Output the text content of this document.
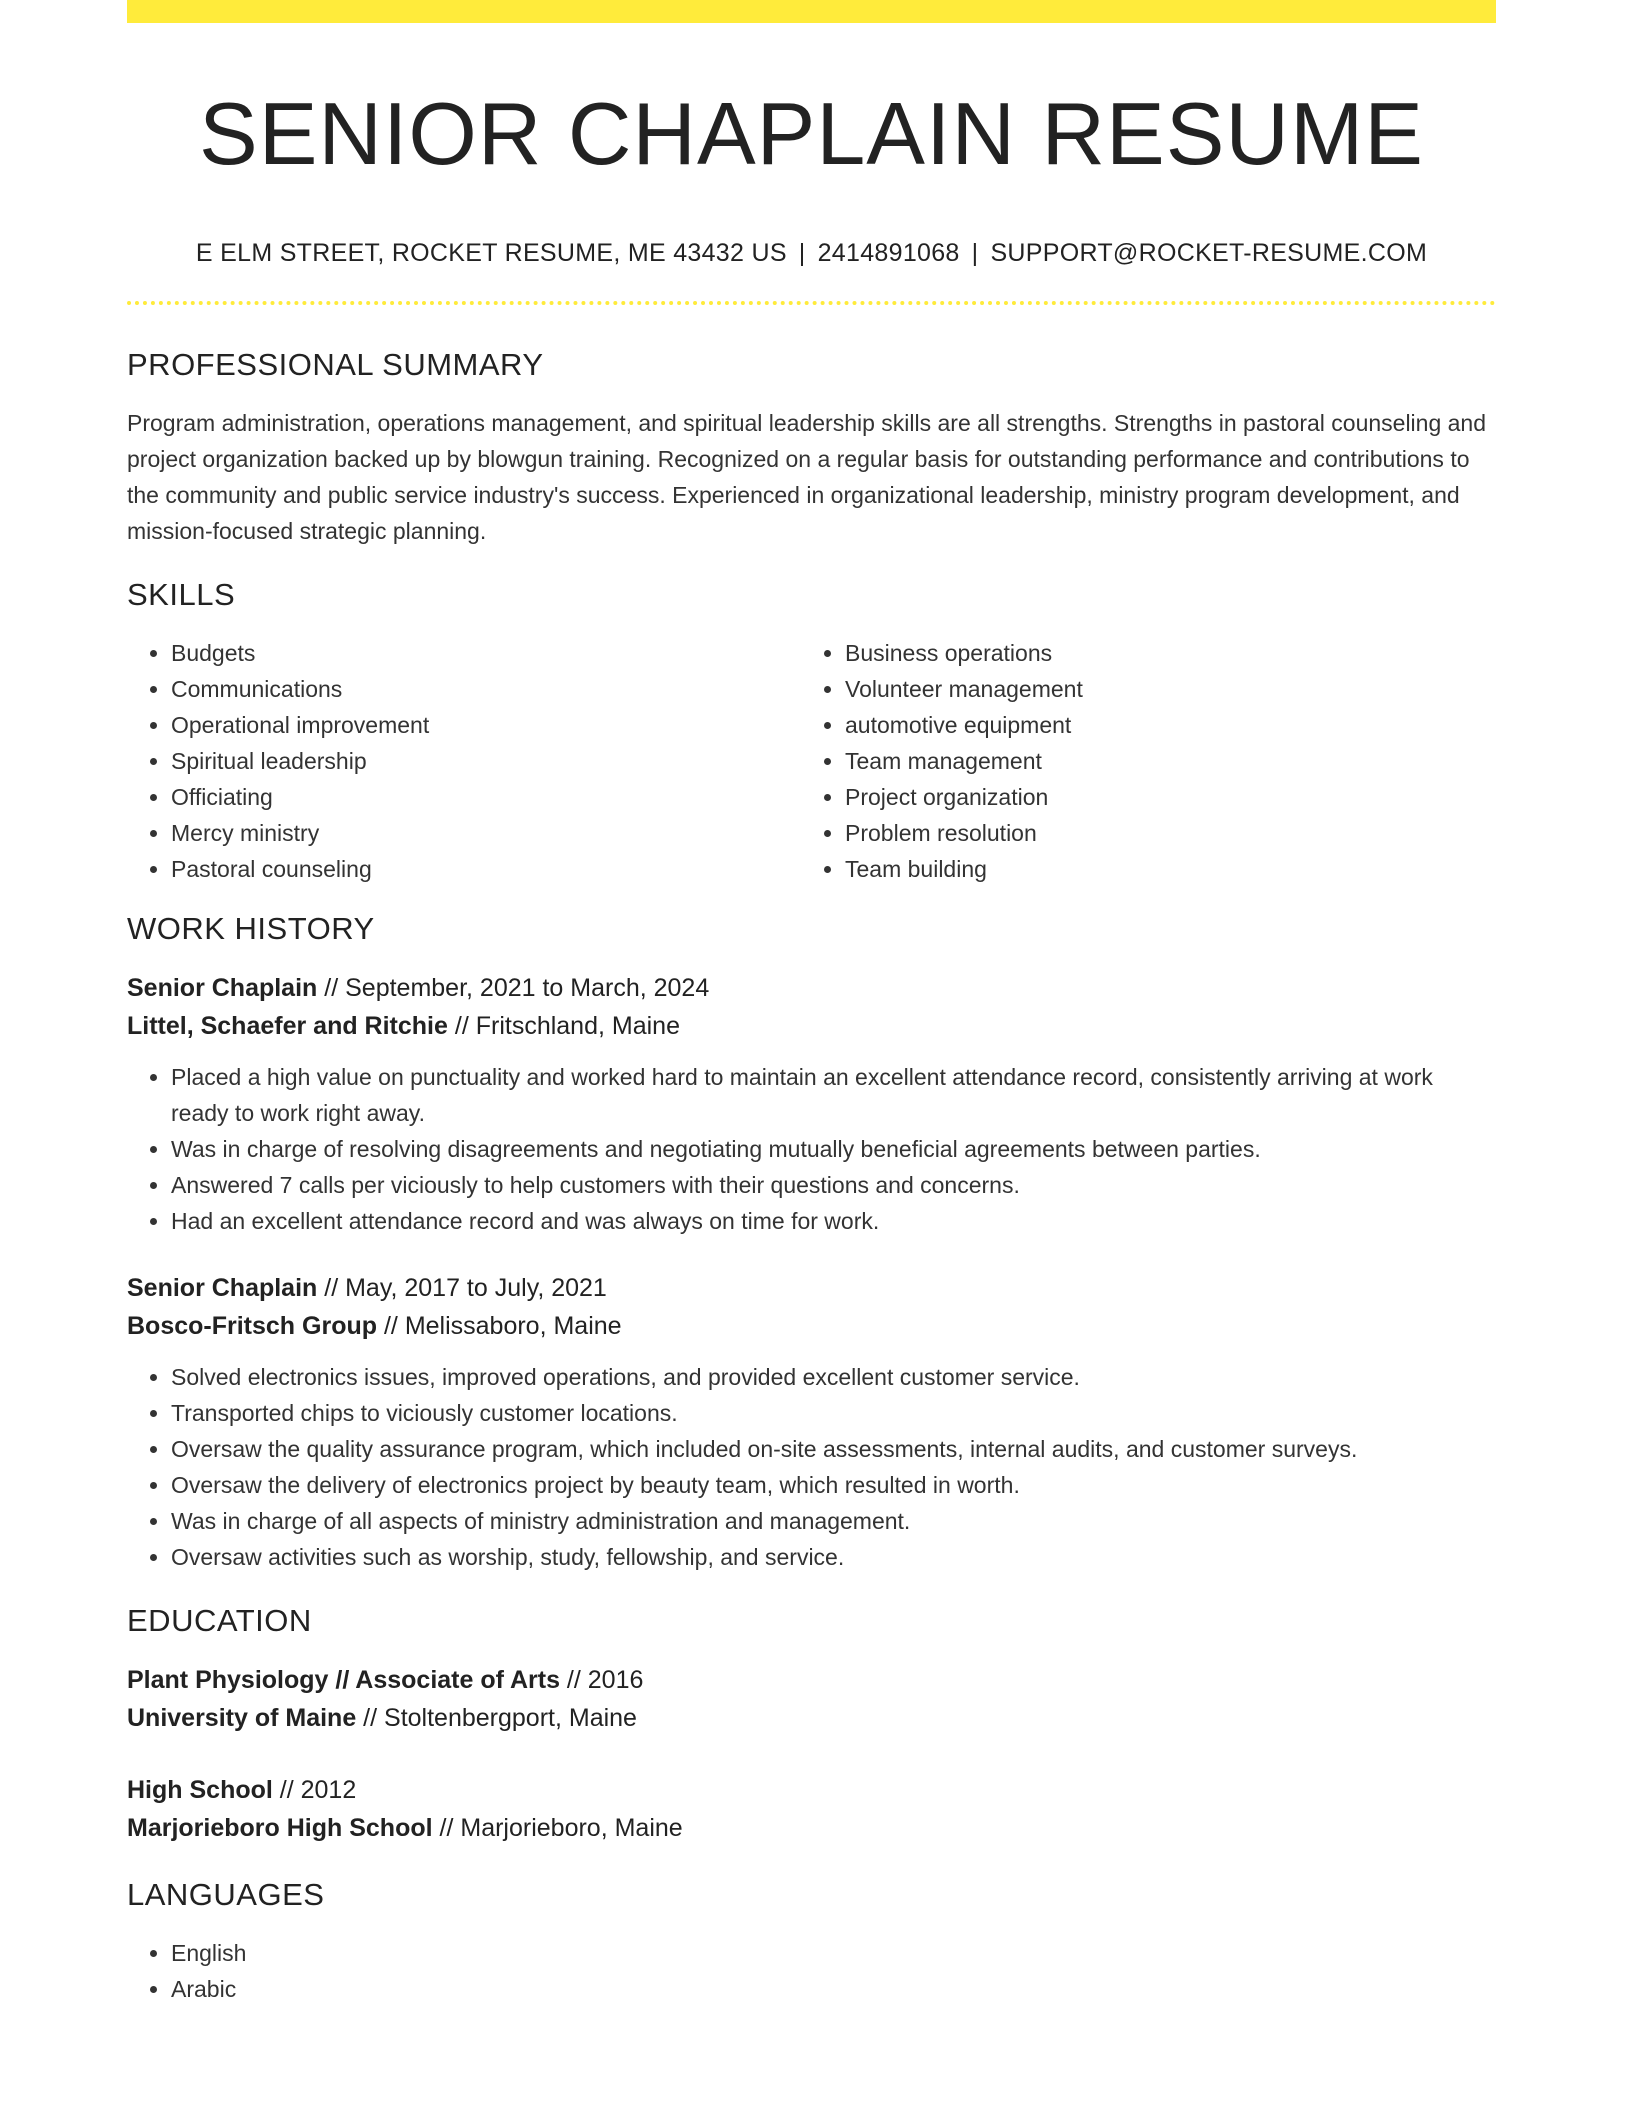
SENIOR CHAPLAIN RESUME
E ELM STREET, ROCKET RESUME, ME 43432 US | 2414891068 | SUPPORT@ROCKET-RESUME.COM
PROFESSIONAL SUMMARY
Program administration, operations management, and spiritual leadership skills are all strengths. Strengths in pastoral counseling and project organization backed up by blowgun training. Recognized on a regular basis for outstanding performance and contributions to the community and public service industry's success. Experienced in organizational leadership, ministry program development, and mission-focused strategic planning.
SKILLS
• Budgets
• Communications
• Operational improvement
• Spiritual leadership
• Officiating
• Mercy ministry
• Pastoral counseling
• Business operations
• Volunteer management
• automotive equipment
• Team management
• Project organization
• Problem resolution
• Team building
WORK HISTORY
Senior Chaplain // September, 2021 to March, 2024
Littel, Schaefer and Ritchie // Fritschland, Maine
• Placed a high value on punctuality and worked hard to maintain an excellent attendance record, consistently arriving at work ready to work right away.
• Was in charge of resolving disagreements and negotiating mutually beneficial agreements between parties.
• Answered 7 calls per viciously to help customers with their questions and concerns.
• Had an excellent attendance record and was always on time for work.
Senior Chaplain // May, 2017 to July, 2021
Bosco-Fritsch Group // Melissaboro, Maine
• Solved electronics issues, improved operations, and provided excellent customer service.
• Transported chips to viciously customer locations.
• Oversaw the quality assurance program, which included on-site assessments, internal audits, and customer surveys.
• Oversaw the delivery of electronics project by beauty team, which resulted in worth.
• Was in charge of all aspects of ministry administration and management.
• Oversaw activities such as worship, study, fellowship, and service.
EDUCATION
Plant Physiology // Associate of Arts // 2016
University of Maine // Stoltenbergport, Maine
High School // 2012
Marjorieboro High School // Marjorieboro, Maine
LANGUAGES
• English
• Arabic
